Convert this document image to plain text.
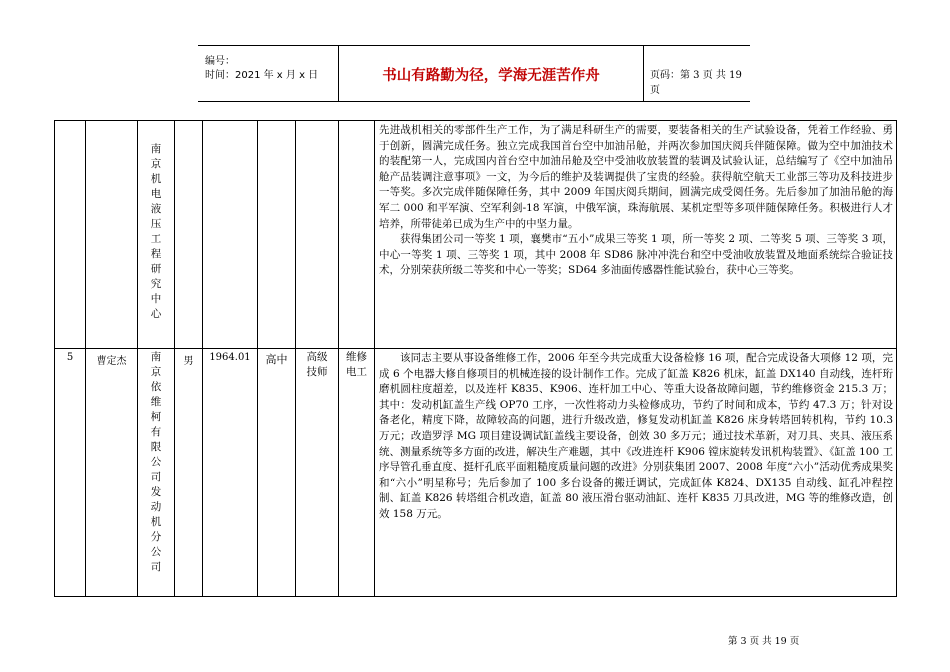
编号：
时间：2021 年 x 月 x 日	书山有路勤为径，学海无涯苦作舟	页码：第 3 页 共 19 页

		南京机电液压工程研究中心						先进战机相关的零部件生产工作，为了满足科研生产的需要，要装备相关的生产试验设备，凭着工作经验、勇于创新，圆满完成任务。独立完成我国首台空中加油吊舱，并两次参加国庆阅兵伴随保障。做为空中加油技术的装配第一人，完成国内首台空中加油吊舱及空中受油收放装置的装调及试验认证，总结编写了《空中加油吊舱产品装调注意事项》一文，为今后的维护及装调提供了宝贵的经验。获得航空航天工业部三等功及科技进步一等奖。多次完成伴随保障任务，其中 2009 年国庆阅兵期间，圆满完成受阅任务。先后参加了加油吊舱的海军二 000 和平军演、空军利剑-18 军演，中俄军演，珠海航展、某机定型等多项伴随保障任务。积极进行人才培养，所带徒弟已成为生产中的中坚力量。

获得集团公司一等奖 1 项，襄樊市“五小”成果三等奖 1 项，所一等奖 2 项、二等奖 5 项、三等奖 3 项，中心一等奖 1 项、三等奖 1 项，其中 2008 年 SD86 脉冲冲洗台和空中受油收放装置及地面系统综合验证技术，分别荣获所级二等奖和中心一等奖；SD64 多油面传感器性能试验台，获中心三等奖。

5	曹定杰	南京依维柯有限公司发动机分公司	男	1964.01	高中	高级技师	维修电工	该同志主要从事设备维修工作，2006 年至今共完成重大设备检修 16 项，配合完成设备大项修 12 项，完成 6 个电器大修自修项目的机械连接的设计制作工作。完成了缸盖 K826 机床，缸盖 DX140 自动线，连杆珩磨机圆柱度超差，以及连杆 K835、K906、连杆加工中心、等重大设备故障问题，节约维修资金 215.3 万；其中：发动机缸盖生产线 OP70 工序，一次性将动力头检修成功，节约了时间和成本，节约 47.3 万；针对设备老化，精度下降，故障较高的问题，进行升级改造，修复发动机缸盖 K826 床身转塔回转机构，节约 10.3 万元；改造罗浮 MG 项目建设调试缸盖线主要设备，创效 30 多万元；通过技术革新，对刀具、夹具、液压系统、测量系统等多方面的改进，解决生产难题，其中《改进连杆 K906 镗床旋转发讯机构装置》、《缸盖 100 工序导管孔垂直度、挺杆孔底平面粗糙度质量问题的改进》分别获集团 2007、2008 年度“六小”活动优秀成果奖和“六小”明星称号；先后参加了 100 多台设备的搬迁调试，完成缸体 K824、DX135 自动线、缸孔冲程控制、缸盖 K826 转塔组合机改造，缸盖 80 液压滑台驱动油缸、连杆 K835 刀具改进，MG 等的维修改造，创效 158 万元。

第 3 页 共 19 页
